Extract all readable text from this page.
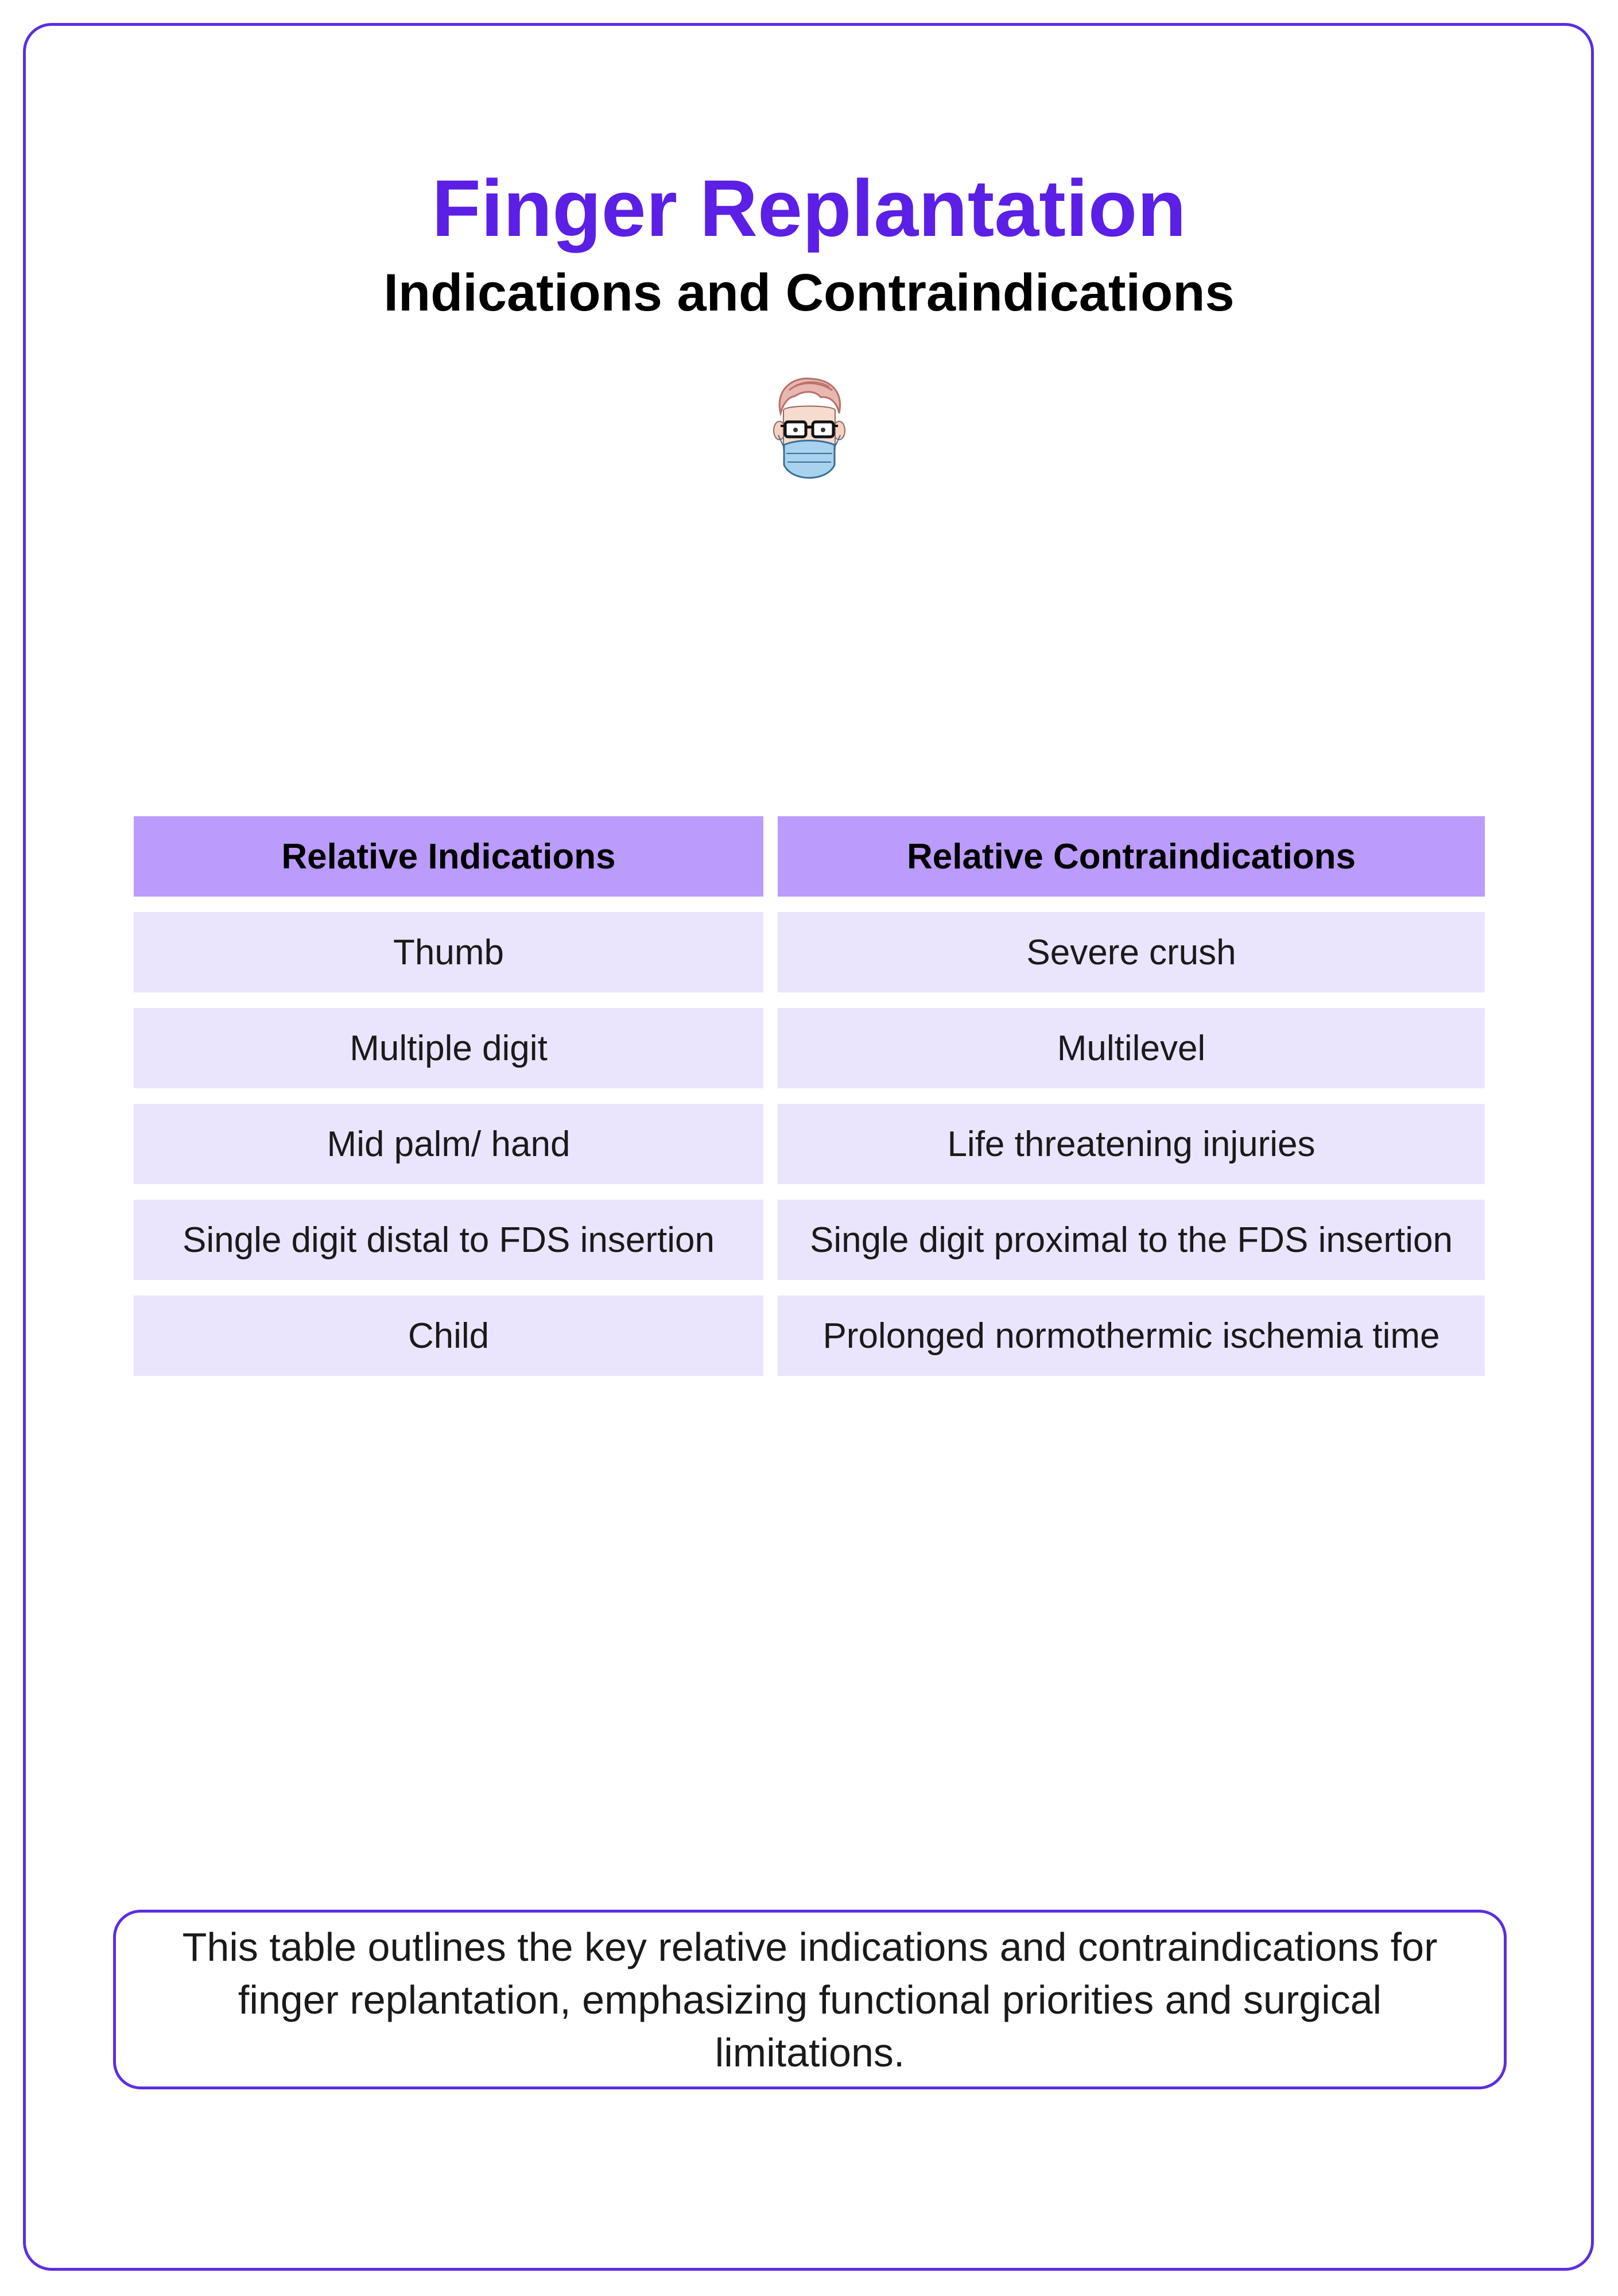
Finger Replantation
Indications and Contraindications
Relative Indications	Relative Contraindications
Thumb	Severe crush
Multiple digit	Multilevel
Mid palm/ hand	Life threatening injuries
Single digit distal to FDS insertion	Single digit proximal to the FDS insertion
Child	Prolonged normothermic ischemia time
This table outlines the key relative indications and contraindications for finger replantation, emphasizing functional priorities and surgical limitations.
